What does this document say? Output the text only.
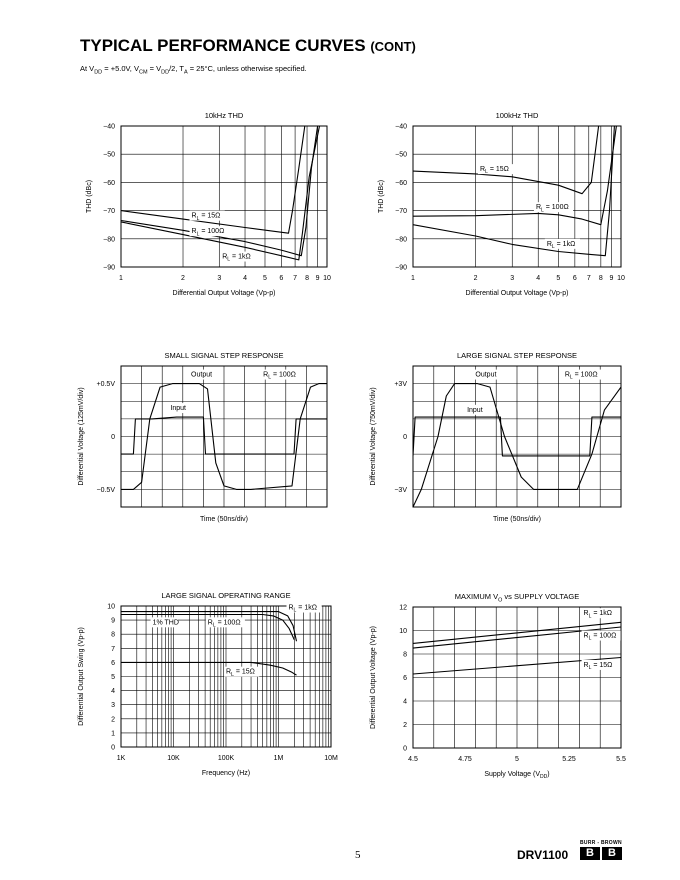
TYPICAL PERFORMANCE CURVES (CONT)
At $V_{DD} = +5.0V$, $V_{CM} = V_{DD}/2$, $T_A = 25^\circ C$, unless otherwise specified.
10kHz THD
−40
−50
−60
−70
−80
−90
1	2	3	4 5 6 7 8 9 10
Differential Output Voltage (Vp-p)
THD (dBc)
$R_L = 15\Omega$
$R_L = 100\Omega$
$R_L = 1k\Omega$
100kHz THD
−40
−50
−60
−70
−80
−90
1	2	3	4 5 6 7 8 9 10
Differential Output Voltage (Vp-p)
THD (dBc)
$R_L = 15\Omega$
$R_L = 100\Omega$
$R_L = 1k\Omega$
SMALL SIGNAL STEP RESPONSE
+0.5V
0
−0.5V
Time (50ns/div)
Differential Voltage (125mV/div)
Output	$R_L = 100\Omega$
Input
LARGE SIGNAL STEP RESPONSE
+3V
0
−3V
Time (50ns/div)
Differential Voltage (750mV/div)
Output	$R_L = 100\Omega$
Input
LARGE SIGNAL OPERATING RANGE
10
9
8
7
6
5
4
3
2
1
0
1K	10K	100K	1M	10M
Frequency (Hz)
Differential Output Swing (Vp-p)
$R_L = 1k\Omega$
1% THD	$R_L = 100\Omega$
$R_L = 15\Omega$
MAXIMUM $V_O$ vs SUPPLY VOLTAGE
12
10
8
6
4
2
0
4.5	4.75	5	5.25	5.5
Supply Voltage $(V_{DD})$
Differential Output Voltage (Vp-p)
$R_L = 1k\Omega$
$R_L = 100\Omega$
$R_L = 15\Omega$
5	DRV1100
BURR - BROWN
B	B
